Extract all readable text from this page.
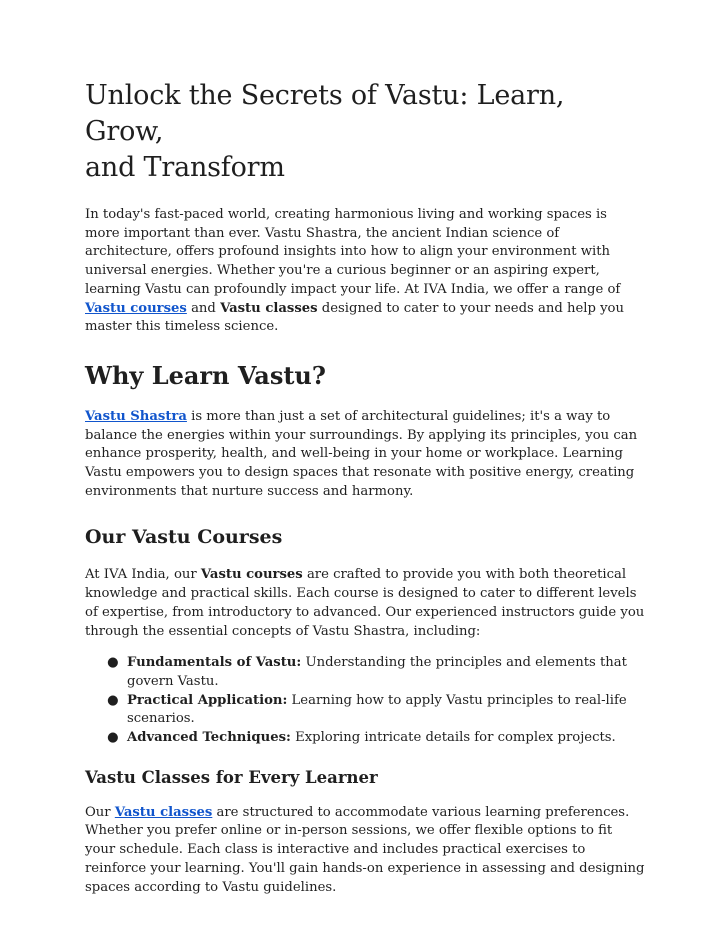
Unlock the Secrets of Vastu: Learn, Grow,
and Transform

In today's fast-paced world, creating harmonious living and working spaces is more important than ever. Vastu Shastra, the ancient Indian science of architecture, offers profound insights into how to align your environment with universal energies. Whether you're a curious beginner or an aspiring expert, learning Vastu can profoundly impact your life. At IVA India, we offer a range of Vastu courses and Vastu classes designed to cater to your needs and help you master this timeless science.

Why Learn Vastu?

Vastu Shastra is more than just a set of architectural guidelines; it's a way to balance the energies within your surroundings. By applying its principles, you can enhance prosperity, health, and well-being in your home or workplace. Learning Vastu empowers you to design spaces that resonate with positive energy, creating environments that nurture success and harmony.

Our Vastu Courses

At IVA India, our Vastu courses are crafted to provide you with both theoretical knowledge and practical skills. Each course is designed to cater to different levels of expertise, from introductory to advanced. Our experienced instructors guide you through the essential concepts of Vastu Shastra, including:

● Fundamentals of Vastu: Understanding the principles and elements that govern Vastu.
● Practical Application: Learning how to apply Vastu principles to real-life scenarios.
● Advanced Techniques: Exploring intricate details for complex projects.
Vastu Classes for Every Learner

Our Vastu classes are structured to accommodate various learning preferences. Whether you prefer online or in-person sessions, we offer flexible options to fit your schedule. Each class is interactive and includes practical exercises to reinforce your learning. You'll gain hands-on experience in assessing and designing spaces according to Vastu guidelines.
